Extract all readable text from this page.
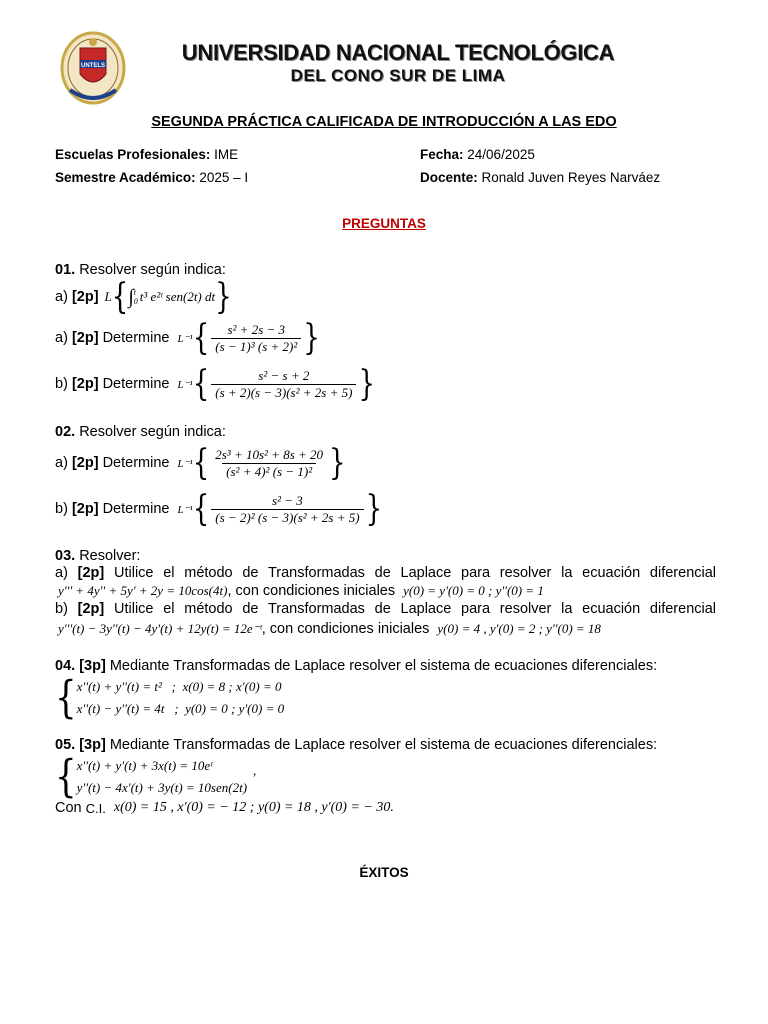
UNTELS
UNIVERSIDAD NACIONAL TECNOLÓGICA
DEL CONO SUR DE LIMA
SEGUNDA PRÁCTICA CALIFICADA DE INTRODUCCIÓN A LAS EDO
Escuelas Profesionales: IME	Fecha: 24/06/2025
Semestre Académico: 2025 – I	Docente: Ronald Juven Reyes Narváez
PREGUNTAS
01. Resolver según indica:
a)
[2p] L { ∫ t
0 t³ e²ᵗ sen(2t) dt }
a)
[2p]
Determine L⁻¹ { $\frac{\text{s² + 2s − 3}}{\text{(s − 1)³ (s + 2)²}}$ }
b)
[2p]
Determine L⁻¹ { $\frac{\text{s² − s + 2}}{\text{(s + 2)(s − 3)(s² + 2s + 5)}}$ }
02. Resolver según indica:
a)
[2p]
Determine L⁻¹ { $\frac{\text{2s³ + 10s² + 8s + 20}}{\text{(s² + 4)² (s − 1)²}}$ }
b)
[2p]
Determine L⁻¹ { $\frac{\text{s² − 3}}{\text{(s − 2)² (s − 3)(s² + 2s + 5)}}$ }
03. Resolver:
a) [2p] Utilice el método de Transformadas de Laplace para resolver la ecuación diferencial
y''' + 4y'' + 5y' + 2y = 10cos(4t) , con condiciones iniciales y(0) = y'(0) = 0 ; y''(0) = 1
b) [2p] Utilice el método de Transformadas de Laplace para resolver la ecuación diferencial
y'''(t) − 3y''(t) − 4y'(t) + 12y(t) = 12e⁻ᵗ , con condiciones iniciales y(0) = 4 , y'(0) = 2 ; y''(0) = 18
04. [3p] Mediante Transformadas de Laplace resolver el sistema de ecuaciones diferenciales:
{ x''(t) + y''(t) = t²   ;  x(0) = 8 ; x'(0) = 0
x''(t) − y''(t) = 4t   ;  y(0) = 0 ; y'(0) = 0
05. [3p] Mediante Transformadas de Laplace resolver el sistema de ecuaciones diferenciales:
{ x''(t) + y'(t) + 3x(t) = 10eᵗ
y''(t) − 4x'(t) + 3y(t) = 10sen(2t)
,
Con
C.I. x(0) = 15 , x'(0) = − 12 ; y(0) = 18 , y'(0) = − 30.
ÉXITOS
